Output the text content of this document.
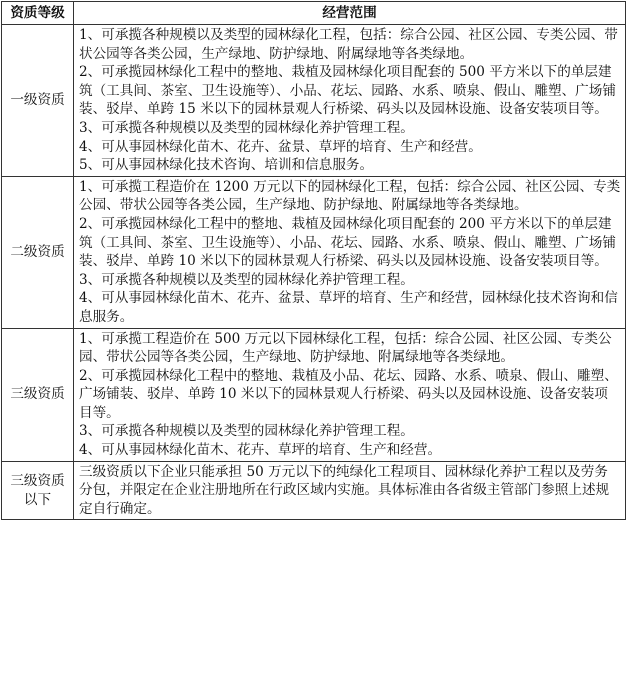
资质等级	经营范围
一级资质	1、可承揽各种规模以及类型的园林绿化工程，包括：综合公园、社区公园、专类公园、带状公园等各类公园，生产绿地、防护绿地、附属绿地等各类绿地。
2、可承揽园林绿化工程中的整地、栽植及园林绿化项目配套的 500 平方米以下的单层建筑（工具间、茶室、卫生设施等）、小品、花坛、园路、水系、喷泉、假山、雕塑、广场铺装、驳岸、单跨 15 米以下的园林景观人行桥梁、码头以及园林设施、设备安装项目等。
3、可承揽各种规模以及类型的园林绿化养护管理工程。
4、可从事园林绿化苗木、花卉、盆景、草坪的培育、生产和经营。
5、可从事园林绿化技术咨询、培训和信息服务。

二级资质	1、可承揽工程造价在 1200 万元以下的园林绿化工程，包括：综合公园、社区公园、专类公园、带状公园等各类公园，生产绿地、防护绿地、附属绿地等各类绿地。
2、可承揽园林绿化工程中的整地、栽植及园林绿化项目配套的 200 平方米以下的单层建筑（工具间、茶室、卫生设施等）、小品、花坛、园路、水系、喷泉、假山、雕塑、广场铺装、驳岸、单跨 10 米以下的园林景观人行桥梁、码头以及园林设施、设备安装项目等。
3、可承揽各种规模以及类型的园林绿化养护管理工程。
4、可从事园林绿化苗木、花卉、盆景、草坪的培育、生产和经营，园林绿化技术咨询和信息服务。

三级资质	1、可承揽工程造价在 500 万元以下园林绿化工程，包括：综合公园、社区公园、专类公园、带状公园等各类公园，生产绿地、防护绿地、附属绿地等各类绿地。
2、可承揽园林绿化工程中的整地、栽植及小品、花坛、园路、水系、喷泉、假山、雕塑、广场铺装、驳岸、单跨 10 米以下的园林景观人行桥梁、码头以及园林设施、设备安装项目等。
3、可承揽各种规模以及类型的园林绿化养护管理工程。
4、可从事园林绿化苗木、花卉、草坪的培育、生产和经营。

三级资质以下	三级资质以下企业只能承担 50 万元以下的纯绿化工程项目、园林绿化养护工程以及劳务分包，并限定在企业注册地所在行政区域内实施。具体标准由各省级主管部门参照上述规定自行确定。
